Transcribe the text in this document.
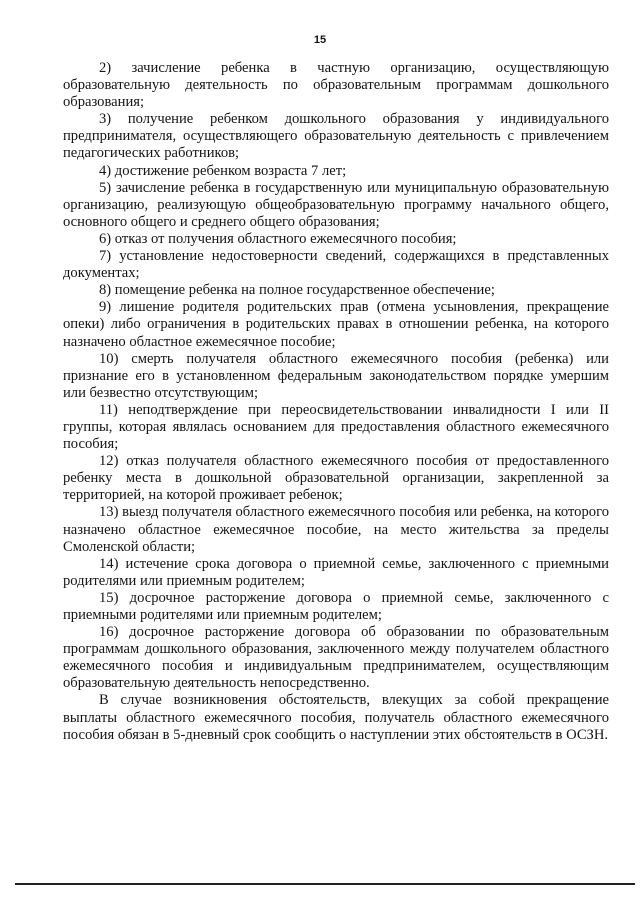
15

2) зачисление ребенка в частную организацию, осуществляющую образовательную деятельность по образовательным программам дошкольного образования;

3) получение ребенком дошкольного образования у индивидуального предпринимателя, осуществляющего образовательную деятельность с привлечением педагогических работников;

4) достижение ребенком возраста 7 лет;

5) зачисление ребенка в государственную или муниципальную образовательную организацию, реализующую общеобразовательную программу начального общего, основного общего и среднего общего образования;

6) отказ от получения областного ежемесячного пособия;

7) установление недостоверности сведений, содержащихся в представленных документах;

8) помещение ребенка на полное государственное обеспечение;

9) лишение родителя родительских прав (отмена усыновления, прекращение опеки) либо ограничения в родительских правах в отношении ребенка, на которого назначено областное ежемесячное пособие;

10) смерть получателя областного ежемесячного пособия (ребенка) или признание его в установленном федеральным законодательством порядке умершим или безвестно отсутствующим;

11) неподтверждение при переосвидетельствовании инвалидности I или II группы, которая являлась основанием для предоставления областного ежемесячного пособия;

12) отказ получателя областного ежемесячного пособия от предоставленного ребенку места в дошкольной образовательной организации, закрепленной за территорией, на которой проживает ребенок;

13) выезд получателя областного ежемесячного пособия или ребенка, на которого назначено областное ежемесячное пособие, на место жительства за пределы Смоленской области;

14) истечение срока договора о приемной семье, заключенного с приемными родителями или приемным родителем;

15) досрочное расторжение договора о приемной семье, заключенного с приемными родителями или приемным родителем;

16) досрочное расторжение договора об образовании по образовательным программам дошкольного образования, заключенного между получателем областного ежемесячного пособия и индивидуальным предпринимателем, осуществляющим образовательную деятельность непосредственно.

В случае возникновения обстоятельств, влекущих за собой прекращение выплаты областного ежемесячного пособия, получатель областного ежемесячного пособия обязан в 5-дневный срок сообщить о наступлении этих обстоятельств в ОСЗН.
